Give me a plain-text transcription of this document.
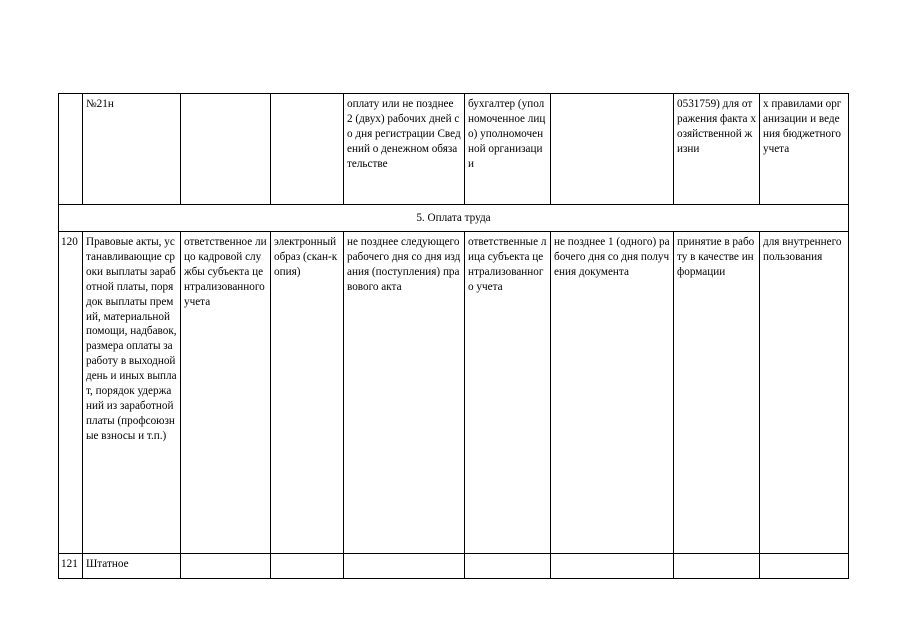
	№21н			оплату или не позднее 2 (двух) рабочих дней со дня регистрации Сведений о денежном обязательстве	бухгалтер (уполномоченное лицо) уполномоченной организации		0531759) для отражения факта хозяйственной жизни	х правилами организации и ведения бюджетного учета
5. Оплата труда								
120	Правовые акты, устанавливающие сроки выплаты заработной платы, порядок выплаты премий, материальной помощи, надбавок, размера оплаты за работу в выходной день и иных выплат, порядок удержаний из заработной платы (профсоюзные взносы и т.п.)	ответственное лицо кадровой службы субъекта централизованного учета	электронный образ (скан-копия)	не позднее следующего рабочего дня со дня издания (поступления) правового акта	ответственные лица субъекта централизованного учета	не позднее 1 (одного) рабочего дня со дня получения документа	принятие в работу в качестве информации	для внутреннего пользования
121	Штатное							
